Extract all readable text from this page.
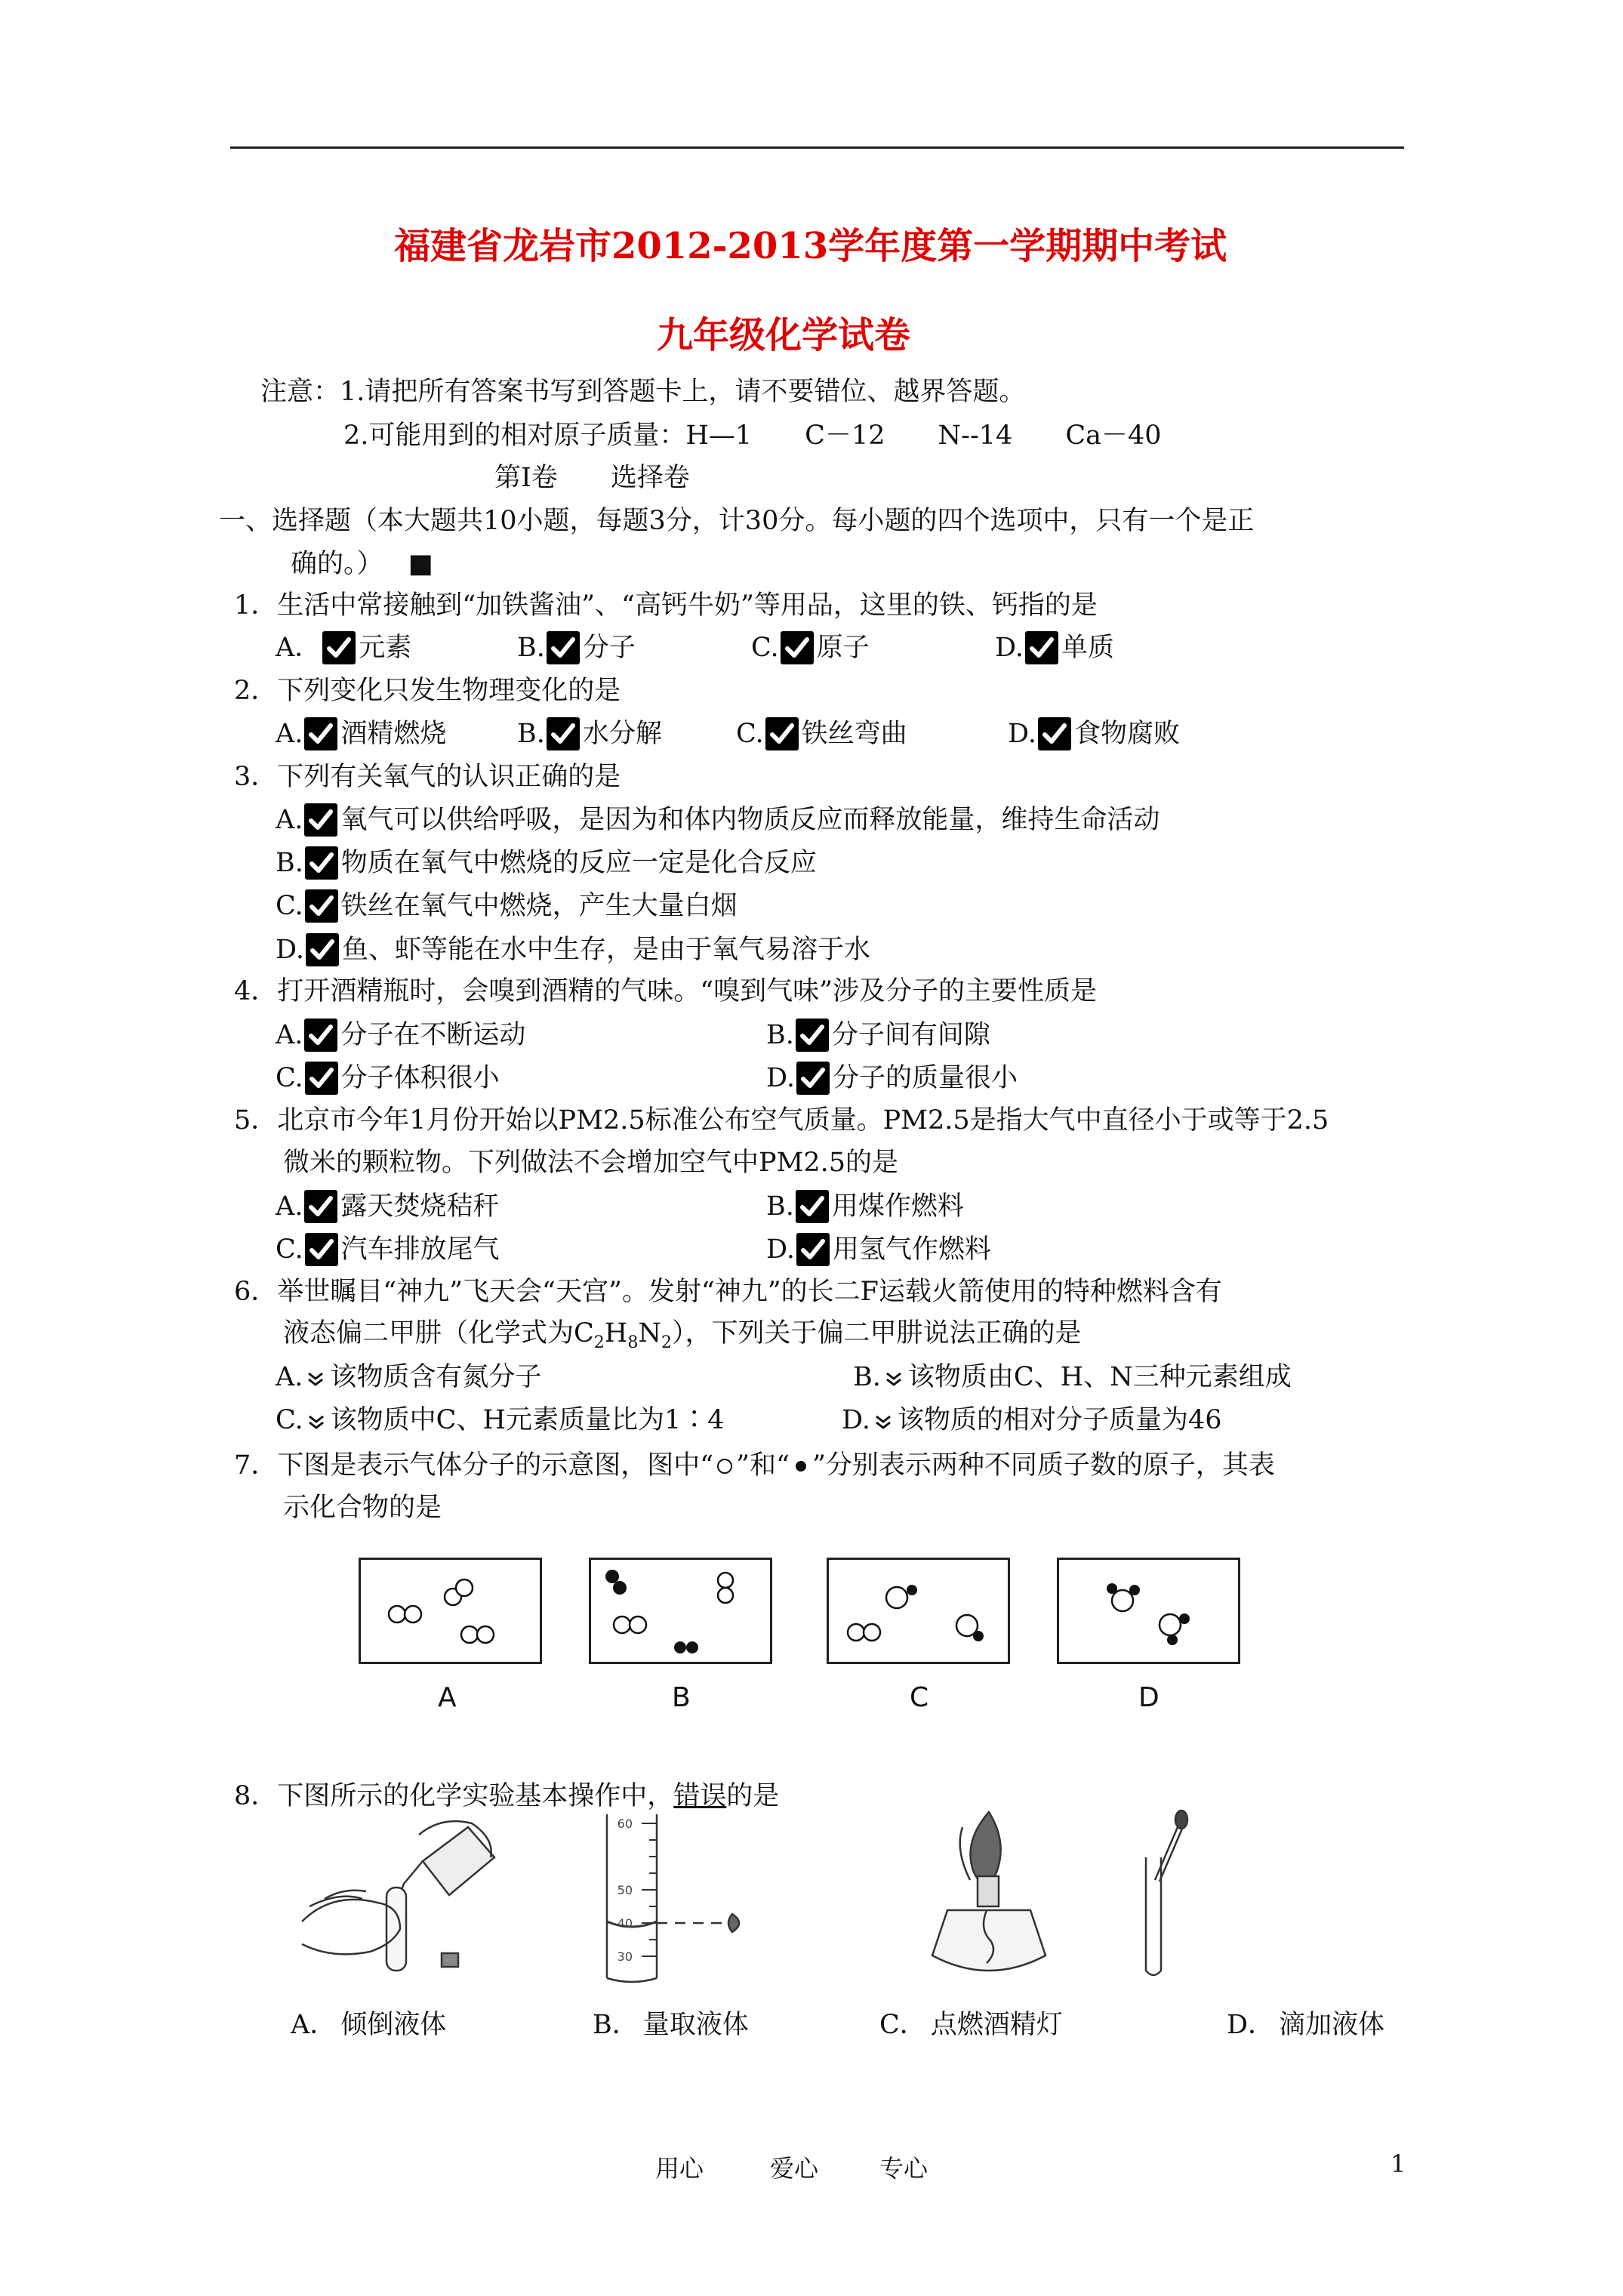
福建省龙岩市2012-2013学年度第一学期期中考试
九年级化学试卷
注意：1.请把所有答案书写到答题卡上，请不要错位、越界答题。
2.可能用到的相对原子质量：H—1　　C－12　　N--14　　Ca－40
第Ⅰ卷　　选择卷
一、选择题（本大题共10小题，每题3分，计30分。每小题的四个选项中，只有一个是正
确的。） ■
1．生活中常接触到“加铁酱油”、“高钙牛奶”等用品，这里的铁、钙指的是
A． 元素	B. 分子	C. 原子	D. 单质
2．下列变化只发生物理变化的是
A. 酒精燃烧	B. 水分解	C. 铁丝弯曲	D. 食物腐败
3．下列有关氧气的认识正确的是
A. 氧气可以供给呼吸，是因为和体内物质反应而释放能量，维持生命活动
B. 物质在氧气中燃烧的反应一定是化合反应
C. 铁丝在氧气中燃烧，产生大量白烟
D. 鱼、虾等能在水中生存，是由于氧气易溶于水
4．打开酒精瓶时，会嗅到酒精的气味。“嗅到气味”涉及分子的主要性质是
A. 分子在不断运动	B. 分子间有间隙
C. 分子体积很小	D. 分子的质量很小
5．北京市今年1月份开始以PM2.5标准公布空气质量。PM2.5是指大气中直径小于或等于2.5
微米的颗粒物。下列做法不会增加空气中PM2.5的是
A. 露天焚烧秸秆	B. 用煤作燃料
C. 汽车排放尾气	D. 用氢气作燃料
6．举世瞩目“神九”飞天会“天宫”。发射“神九”的长二F运载火箭使用的特种燃料含有
液态偏二甲肼（化学式为$C_2H_8N_2$），下列关于偏二甲肼说法正确的是
A. 该物质含有氮分子	B. 该物质由C、H、N三种元素组成
C. 该物质中C、H元素质量比为1∶4	D. 该物质的相对分子质量为46
7．下图是表示气体分子的示意图，图中“ ”和“ ”分别表示两种不同质子数的原子，其表
示化合物的是
A	B	C	D
8．下图所示的化学实验基本操作中，错误的是
60
50
40
30
A． 倾倒液体	B． 量取液体	C． 点燃酒精灯	D． 滴加液体
用心	爱心	专心	1
